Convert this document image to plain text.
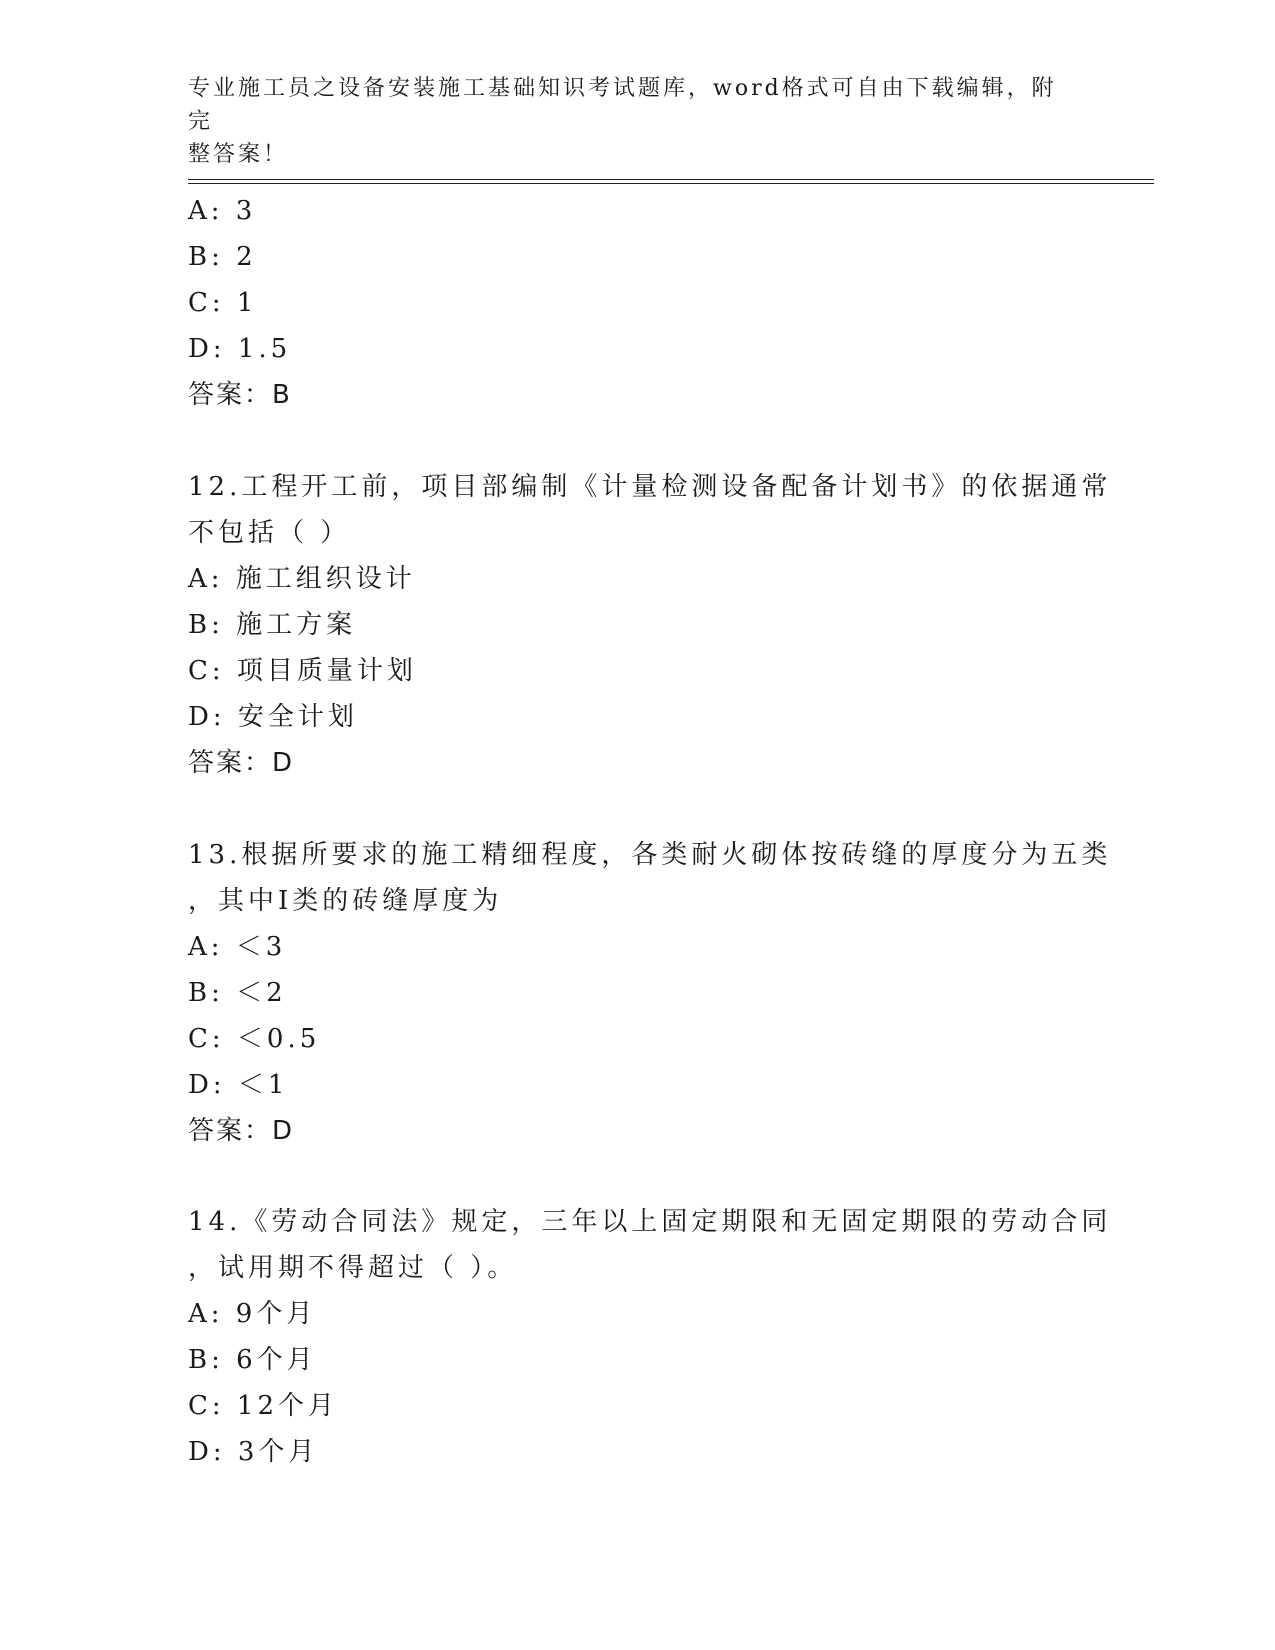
专业施工员之设备安装施工基础知识考试题库，word格式可自由下载编辑，附完
整答案！
A: 3
B: 2
C: 1
D: 1.5
答案：B
12.工程开工前，项目部编制《计量检测设备配备计划书》的依据通常
不包括（ ）
A: 施工组织设计
B: 施工方案
C: 项目质量计划
D: 安全计划
答案：D
13.根据所要求的施工精细程度，各类耐火砌体按砖缝的厚度分为五类
，其中Ⅰ类的砖缝厚度为
A: ＜3
B: ＜2
C: ＜0.5
D: ＜1
答案：D
14.《劳动合同法》规定，三年以上固定期限和无固定期限的劳动合同
，试用期不得超过（ ）。
A: 9个月
B: 6个月
C: 12个月
D: 3个月
